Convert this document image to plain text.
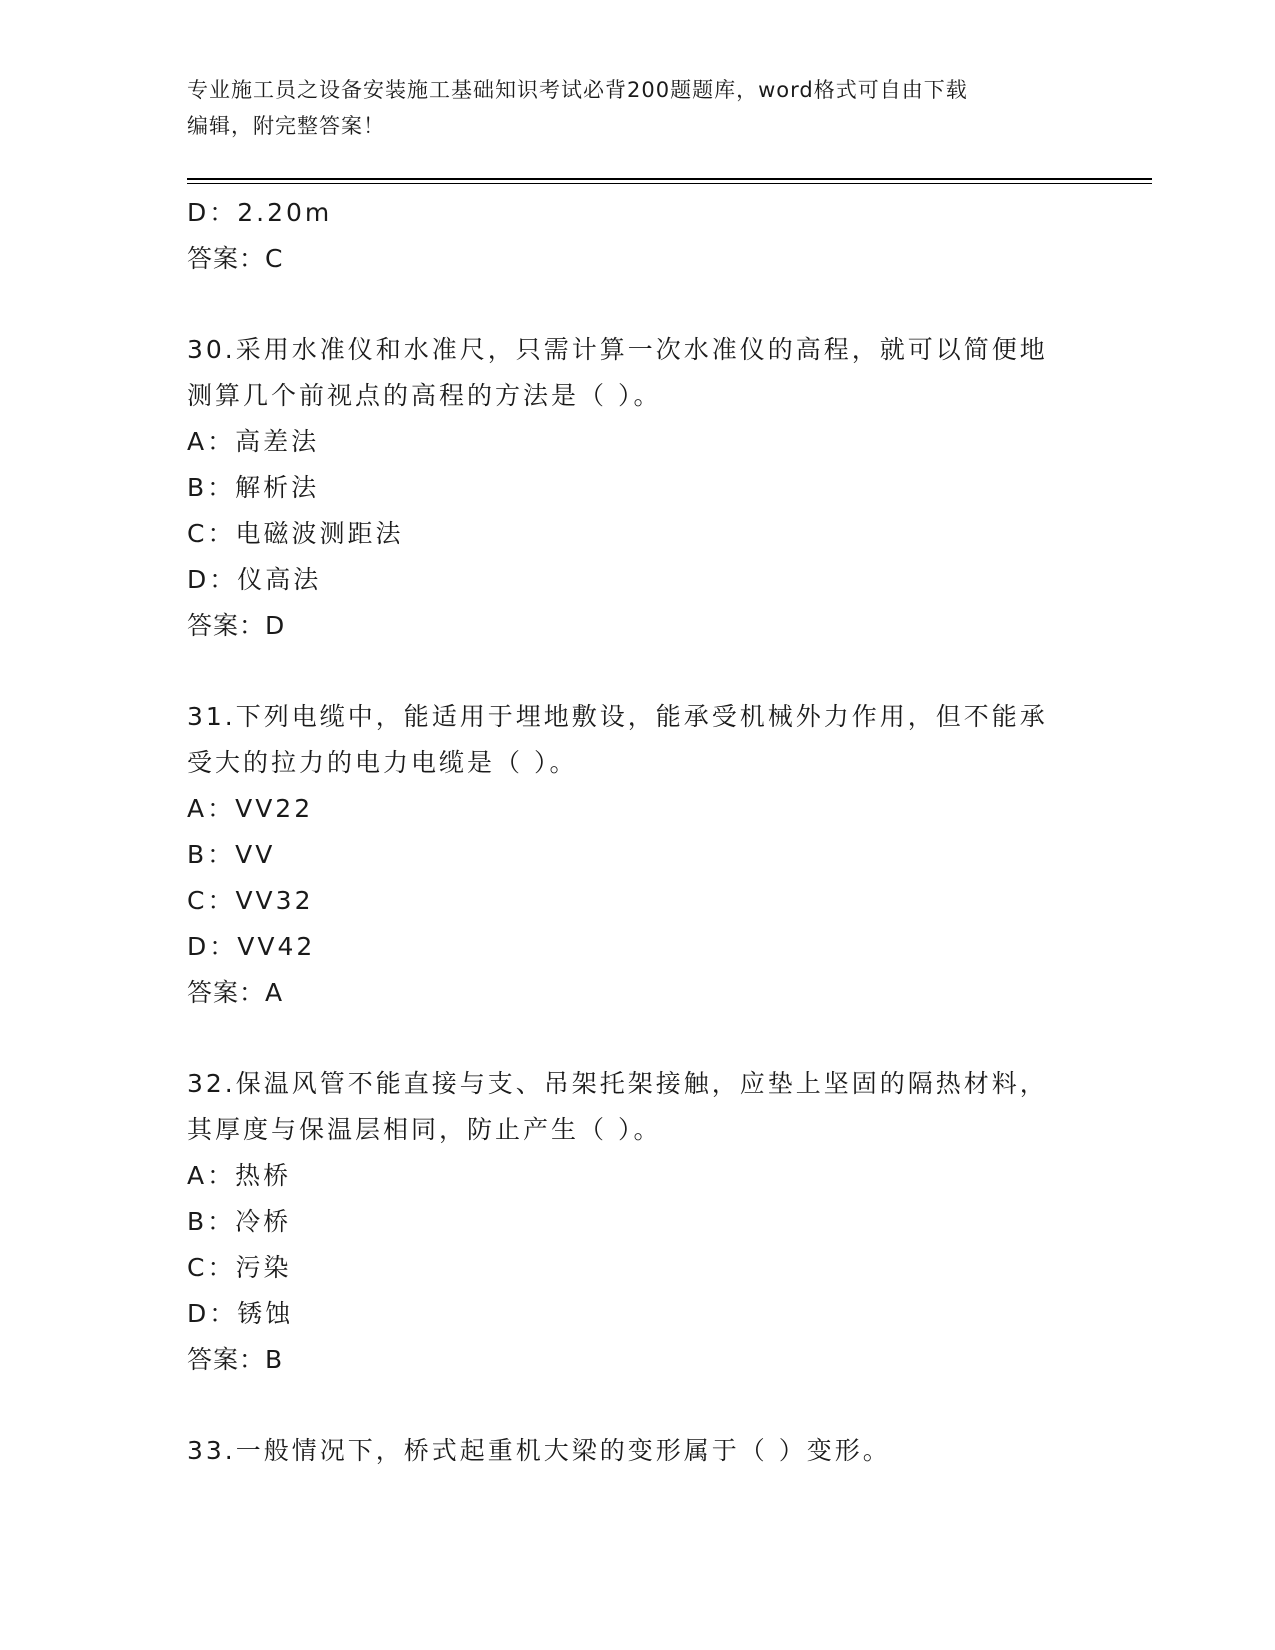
专业施工员之设备安装施工基础知识考试必背200题题库，word格式可自由下载
编辑，附完整答案！
D：2.20m
答案：C
30.采用水准仪和水准尺，只需计算一次水准仪的高程，就可以简便地
测算几个前视点的高程的方法是（ ）。
A：高差法
B：解析法
C：电磁波测距法
D：仪高法
答案：D
31.下列电缆中，能适用于埋地敷设，能承受机械外力作用，但不能承
受大的拉力的电力电缆是（ ）。
A：VV22
B：VV
C：VV32
D：VV42
答案：A
32.保温风管不能直接与支、吊架托架接触，应垫上坚固的隔热材料，
其厚度与保温层相同，防止产生（ ）。
A：热桥
B：冷桥
C：污染
D：锈蚀
答案：B
33.一般情况下，桥式起重机大梁的变形属于（ ）变形。
